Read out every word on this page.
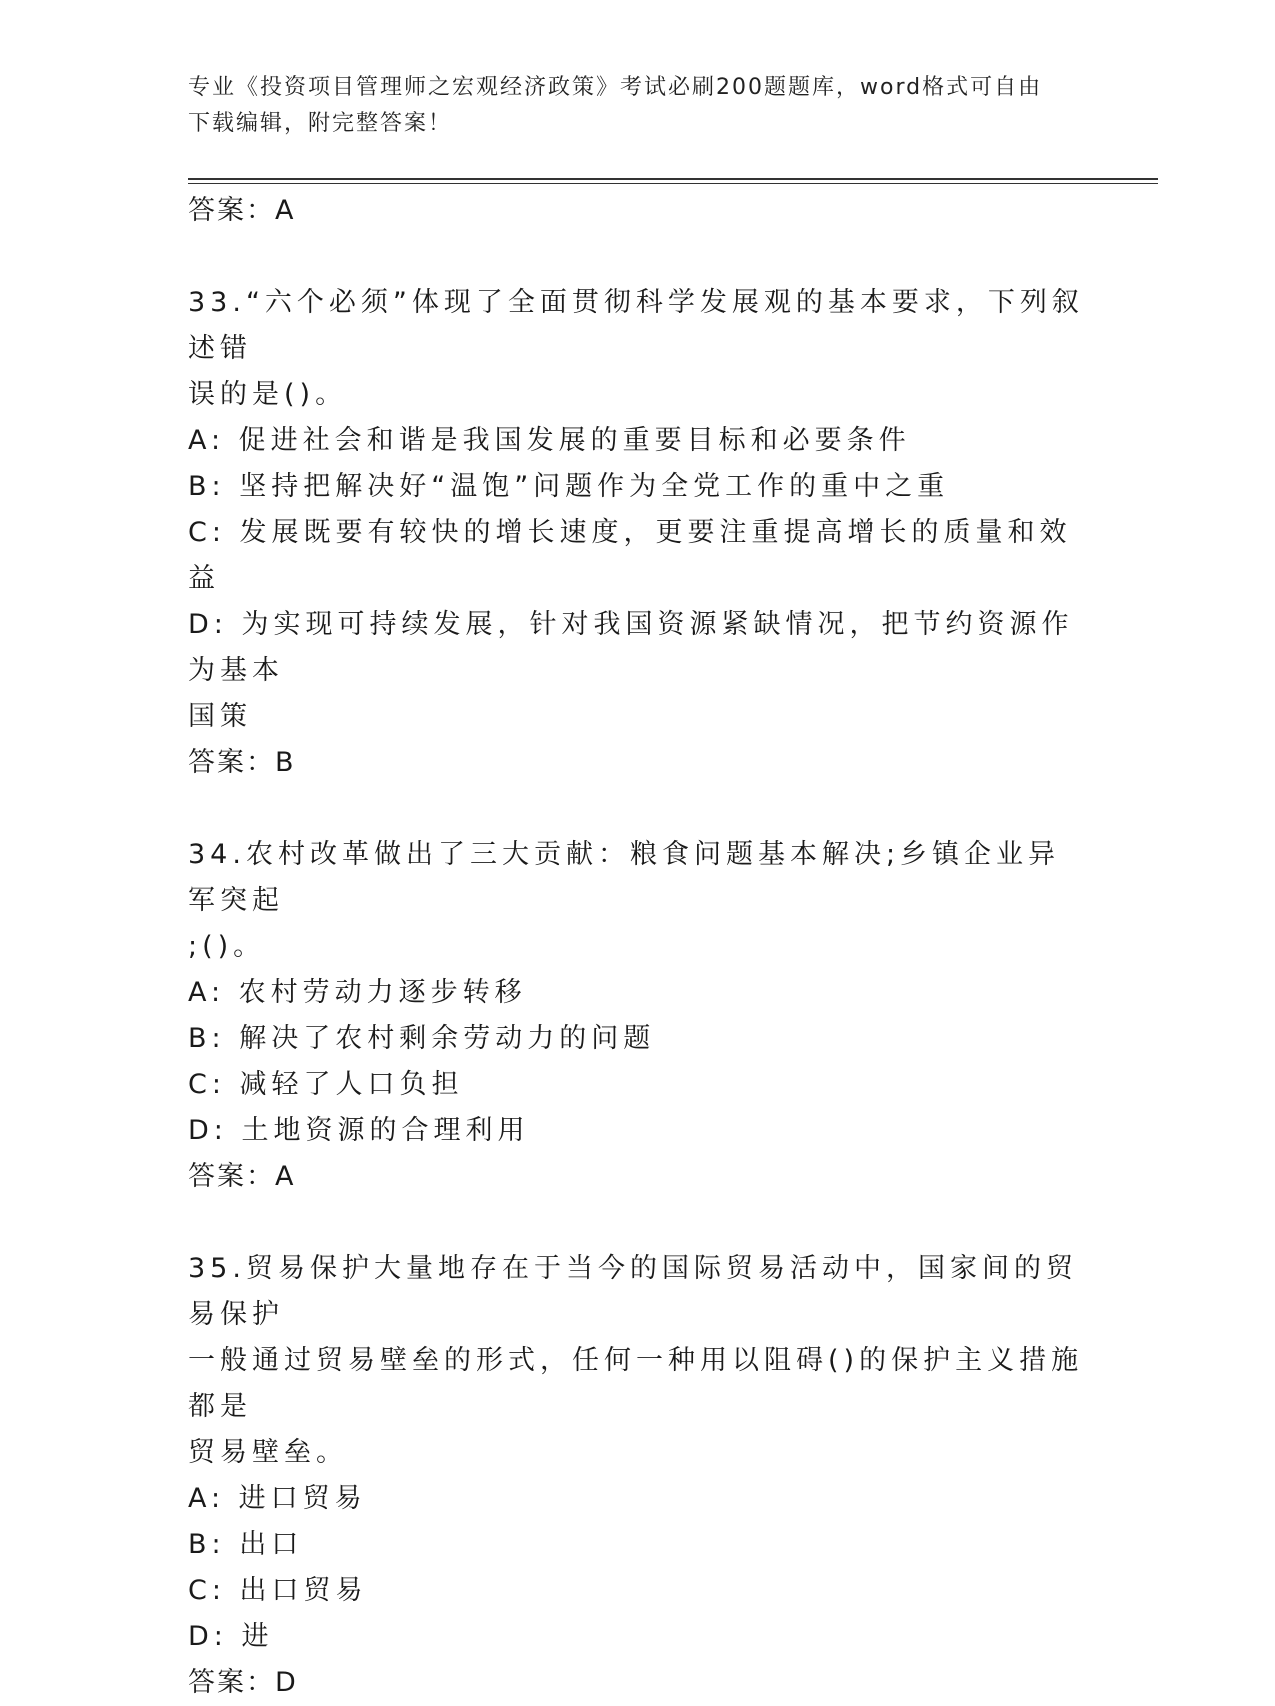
专业《投资项目管理师之宏观经济政策》考试必刷200题题库，word格式可自由
下载编辑，附完整答案！
答案：A
33.“六个必须”体现了全面贯彻科学发展观的基本要求，下列叙述错
误的是()。
A: 促进社会和谐是我国发展的重要目标和必要条件
B: 坚持把解决好“温饱”问题作为全党工作的重中之重
C: 发展既要有较快的增长速度，更要注重提高增长的质量和效益
D: 为实现可持续发展，针对我国资源紧缺情况，把节约资源作为基本
国策
答案：B
34.农村改革做出了三大贡献：粮食问题基本解决;乡镇企业异军突起
;()。
A: 农村劳动力逐步转移
B: 解决了农村剩余劳动力的问题
C: 减轻了人口负担
D: 土地资源的合理利用
答案：A
35.贸易保护大量地存在于当今的国际贸易活动中，国家间的贸易保护
一般通过贸易壁垒的形式，任何一种用以阻碍()的保护主义措施都是
贸易壁垒。
A: 进口贸易
B: 出口
C: 出口贸易
D: 进
答案：D
